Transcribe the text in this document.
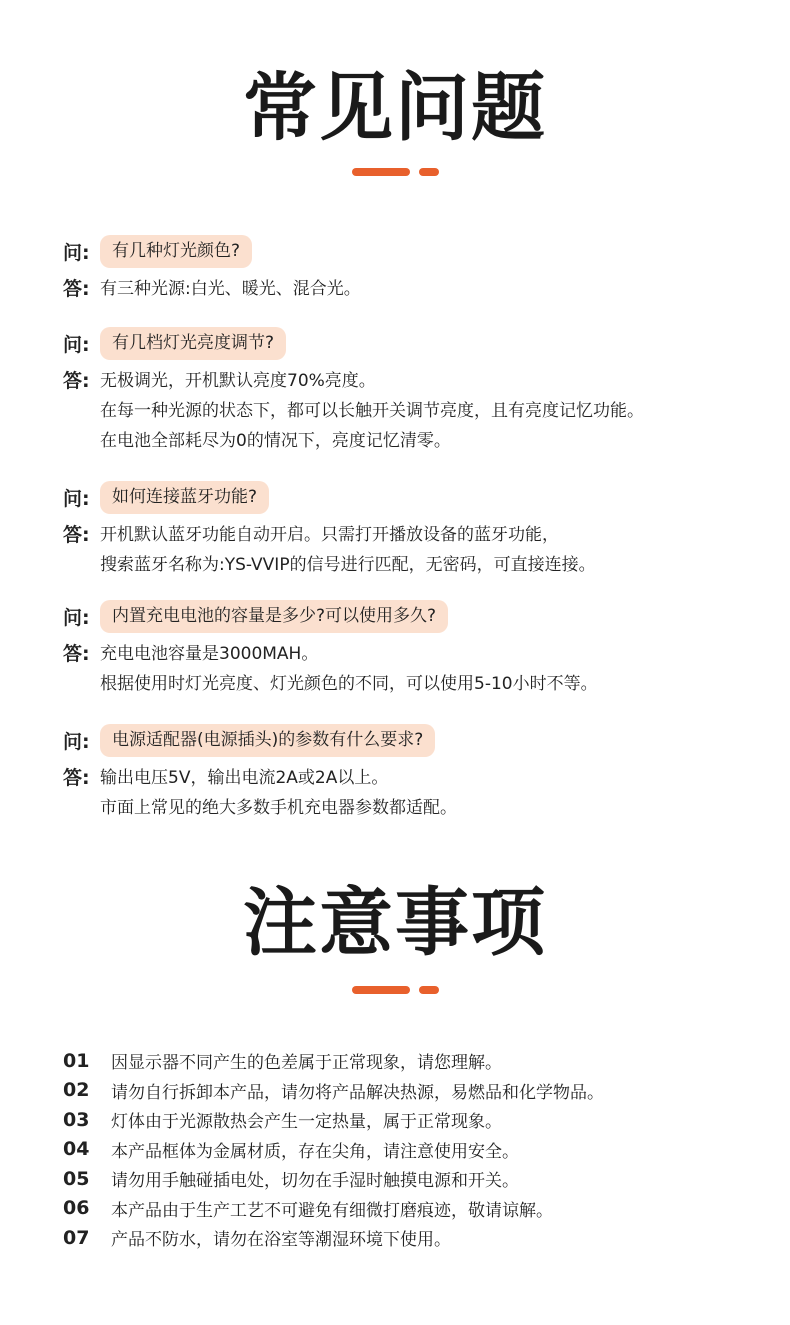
常见问题
问:	有几种灯光颜色?
答: 有三种光源:白光、暖光、混合光。
问:	有几档灯光亮度调节?
答: 无极调光，开机默认亮度70%亮度。
在每一种光源的状态下，都可以长触开关调节亮度，且有亮度记忆功能。
在电池全部耗尽为0的情况下，亮度记忆清零。
问:	如何连接蓝牙功能?
答: 开机默认蓝牙功能自动开启。只需打开播放设备的蓝牙功能，
搜索蓝牙名称为:YS-VVIP的信号进行匹配，无密码，可直接连接。
问:	内置充电电池的容量是多少?可以使用多久?
答: 充电电池容量是3000MAH。
根据使用时灯光亮度、灯光颜色的不同，可以使用5-10小时不等。
问:	电源适配器(电源插头)的参数有什么要求?
答: 输出电压5V，输出电流2A或2A以上。
市面上常见的绝大多数手机充电器参数都适配。
注意事项
01	因显示器不同产生的色差属于正常现象，请您理解。
02	请勿自行拆卸本产品，请勿将产品解决热源，易燃品和化学物品。
03	灯体由于光源散热会产生一定热量，属于正常现象。
04	本产品框体为金属材质，存在尖角，请注意使用安全。
05	请勿用手触碰插电处，切勿在手湿时触摸电源和开关。
06	本产品由于生产工艺不可避免有细微打磨痕迹，敬请谅解。
07	产品不防水，请勿在浴室等潮湿环境下使用。
